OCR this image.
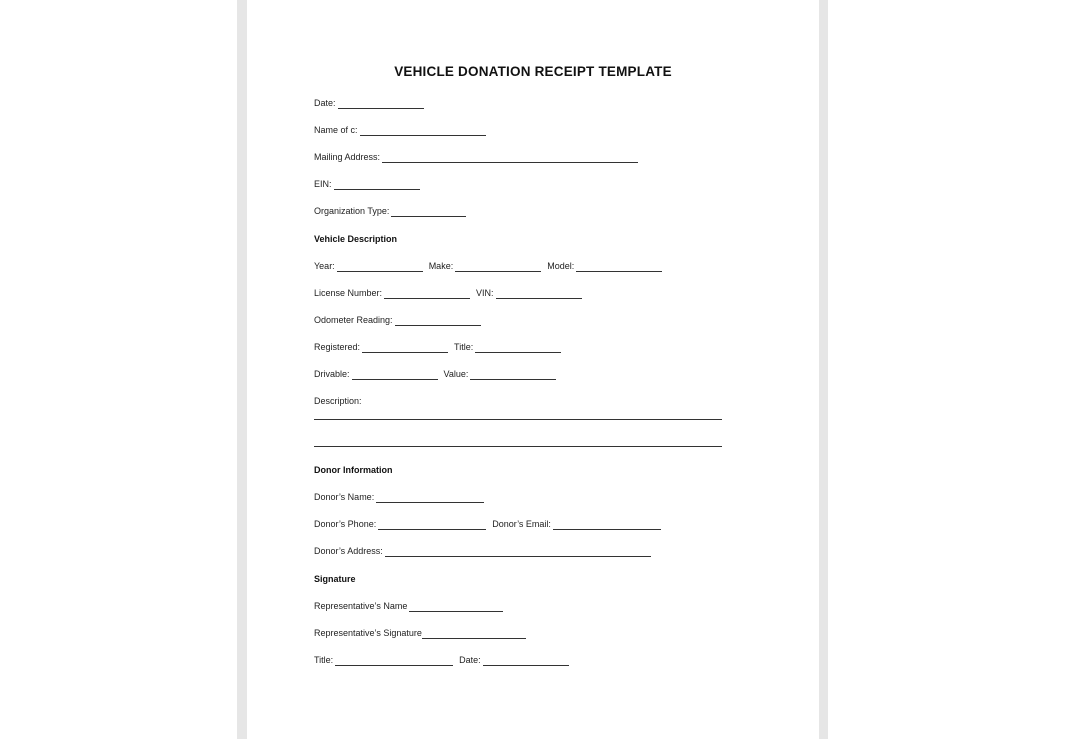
VEHICLE DONATION RECEIPT TEMPLATE
Date:
Name of c:
Mailing Address:
EIN:
Organization Type:
Vehicle Description
Year:	Make:	Model:
License Number:	VIN:
Odometer Reading:
Registered:	Title:
Drivable:	Value:
Description:
Donor Information
Donor’s Name:
Donor’s Phone:	Donor’s Email:
Donor’s Address:
Signature
Representative’s Name
Representative’s Signature
Title:	Date:
